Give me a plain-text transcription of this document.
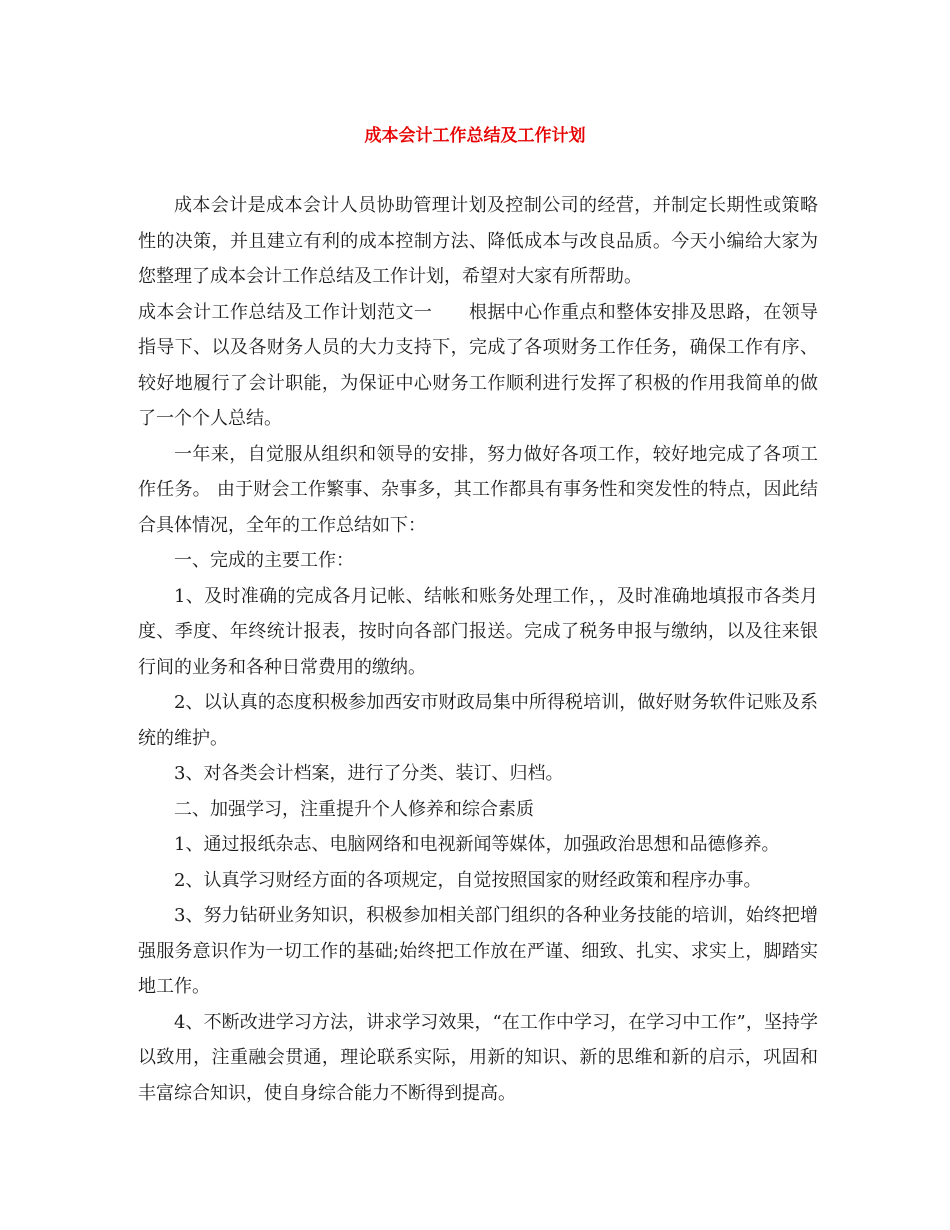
成本会计工作总结及工作计划

成本会计是成本会计人员协助管理计划及控制公司的经营，并制定长期性或策略性的决策，并且建立有利的成本控制方法、降低成本与改良品质。今天小编给大家为您整理了成本会计工作总结及工作计划，希望对大家有所帮助。

成本会计工作总结及工作计划范文一　　根据中心作重点和整体安排及思路，在领导指导下、以及各财务人员的大力支持下，完成了各项财务工作任务，确保工作有序、较好地履行了会计职能，为保证中心财务工作顺利进行发挥了积极的作用我简单的做了一个个人总结。

一年来，自觉服从组织和领导的安排，努力做好各项工作，较好地完成了各项工作任务。 由于财会工作繁事、杂事多，其工作都具有事务性和突发性的特点，因此结合具体情况，全年的工作总结如下：

一、完成的主要工作：

1、及时准确的完成各月记帐、结帐和账务处理工作，，及时准确地填报市各类月度、季度、年终统计报表，按时向各部门报送。完成了税务申报与缴纳，以及往来银行间的业务和各种日常费用的缴纳。

2、以认真的态度积极参加西安市财政局集中所得税培训，做好财务软件记账及系统的维护。

3、对各类会计档案，进行了分类、装订、归档。

二、加强学习，注重提升个人修养和综合素质

1、通过报纸杂志、电脑网络和电视新闻等媒体，加强政治思想和品德修养。

2、认真学习财经方面的各项规定，自觉按照国家的财经政策和程序办事。

3、努力钻研业务知识，积极参加相关部门组织的各种业务技能的培训，始终把增强服务意识作为一切工作的基础;始终把工作放在严谨、细致、扎实、求实上，脚踏实地工作。

4、不断改进学习方法，讲求学习效果，“在工作中学习，在学习中工作”，坚持学以致用，注重融会贯通，理论联系实际，用新的知识、新的思维和新的启示，巩固和丰富综合知识，使自身综合能力不断得到提高。
